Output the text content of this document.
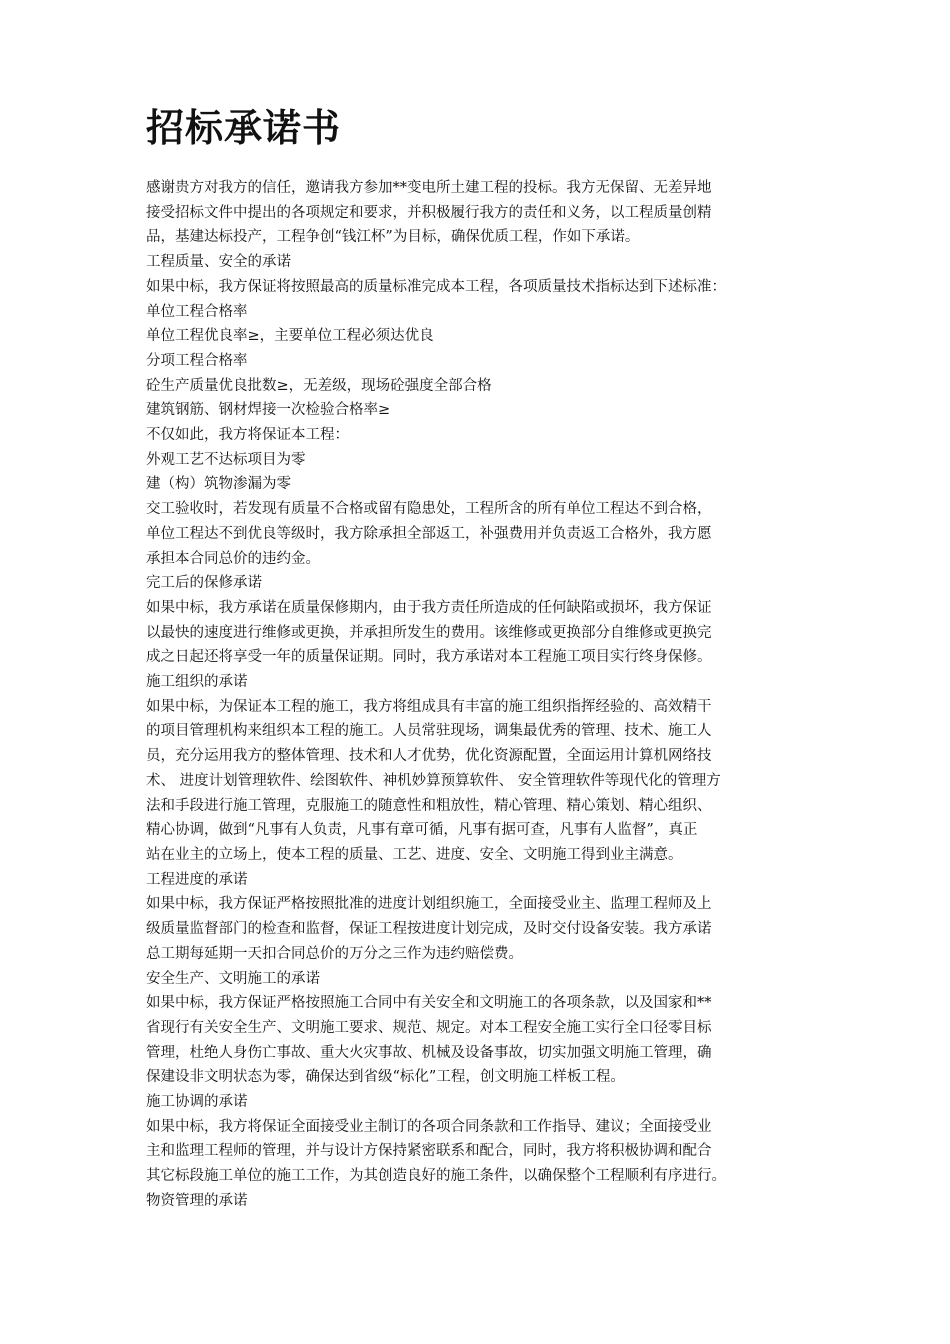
招标承诺书

感谢贵方对我方的信任，邀请我方参加**变电所土建工程的投标。我方无保留、无差异地

接受招标文件中提出的各项规定和要求，并积极履行我方的责任和义务，以工程质量创精

品，基建达标投产，工程争创“钱江杯”为目标，确保优质工程，作如下承诺。

工程质量、安全的承诺

如果中标，我方保证将按照最高的质量标准完成本工程，各项质量技术指标达到下述标准：

单位工程合格率

单位工程优良率≥，主要单位工程必须达优良

分项工程合格率

砼生产质量优良批数≥，无差级，现场砼强度全部合格

建筑钢筋、钢材焊接一次检验合格率≥

不仅如此，我方将保证本工程：

外观工艺不达标项目为零

建（构）筑物渗漏为零

交工验收时，若发现有质量不合格或留有隐患处，工程所含的所有单位工程达不到合格，

单位工程达不到优良等级时，我方除承担全部返工，补强费用并负责返工合格外，我方愿

承担本合同总价的违约金。

完工后的保修承诺

如果中标，我方承诺在质量保修期内，由于我方责任所造成的任何缺陷或损坏，我方保证

以最快的速度进行维修或更换，并承担所发生的费用。该维修或更换部分自维修或更换完

成之日起还将享受一年的质量保证期。同时，我方承诺对本工程施工项目实行终身保修。

施工组织的承诺

如果中标，为保证本工程的施工，我方将组成具有丰富的施工组织指挥经验的、高效精干

的项目管理机构来组织本工程的施工。人员常驻现场，调集最优秀的管理、技术、施工人

员，充分运用我方的整体管理、技术和人才优势，优化资源配置，全面运用计算机网络技

术、 进度计划管理软件、绘图软件、神机妙算预算软件、 安全管理软件等现代化的管理方

法和手段进行施工管理，克服施工的随意性和粗放性，精心管理、精心策划、精心组织、

精心协调，做到“凡事有人负责，凡事有章可循，凡事有据可查，凡事有人监督”，真正

站在业主的立场上，使本工程的质量、工艺、进度、安全、文明施工得到业主满意。

工程进度的承诺

如果中标，我方保证严格按照批准的进度计划组织施工，全面接受业主、监理工程师及上

级质量监督部门的检查和监督，保证工程按进度计划完成，及时交付设备安装。我方承诺

总工期每延期一天扣合同总价的万分之三作为违约赔偿费。

安全生产、文明施工的承诺

如果中标，我方保证严格按照施工合同中有关安全和文明施工的各项条款，以及国家和**

省现行有关安全生产、文明施工要求、规范、规定。对本工程安全施工实行全口径零目标

管理，杜绝人身伤亡事故、重大火灾事故、机械及设备事故，切实加强文明施工管理，确

保建设非文明状态为零，确保达到省级“标化”工程，创文明施工样板工程。

施工协调的承诺

如果中标，我方将保证全面接受业主制订的各项合同条款和工作指导、建议；全面接受业

主和监理工程师的管理，并与设计方保持紧密联系和配合，同时，我方将积极协调和配合

其它标段施工单位的施工工作，为其创造良好的施工条件，以确保整个工程顺利有序进行。

物资管理的承诺
